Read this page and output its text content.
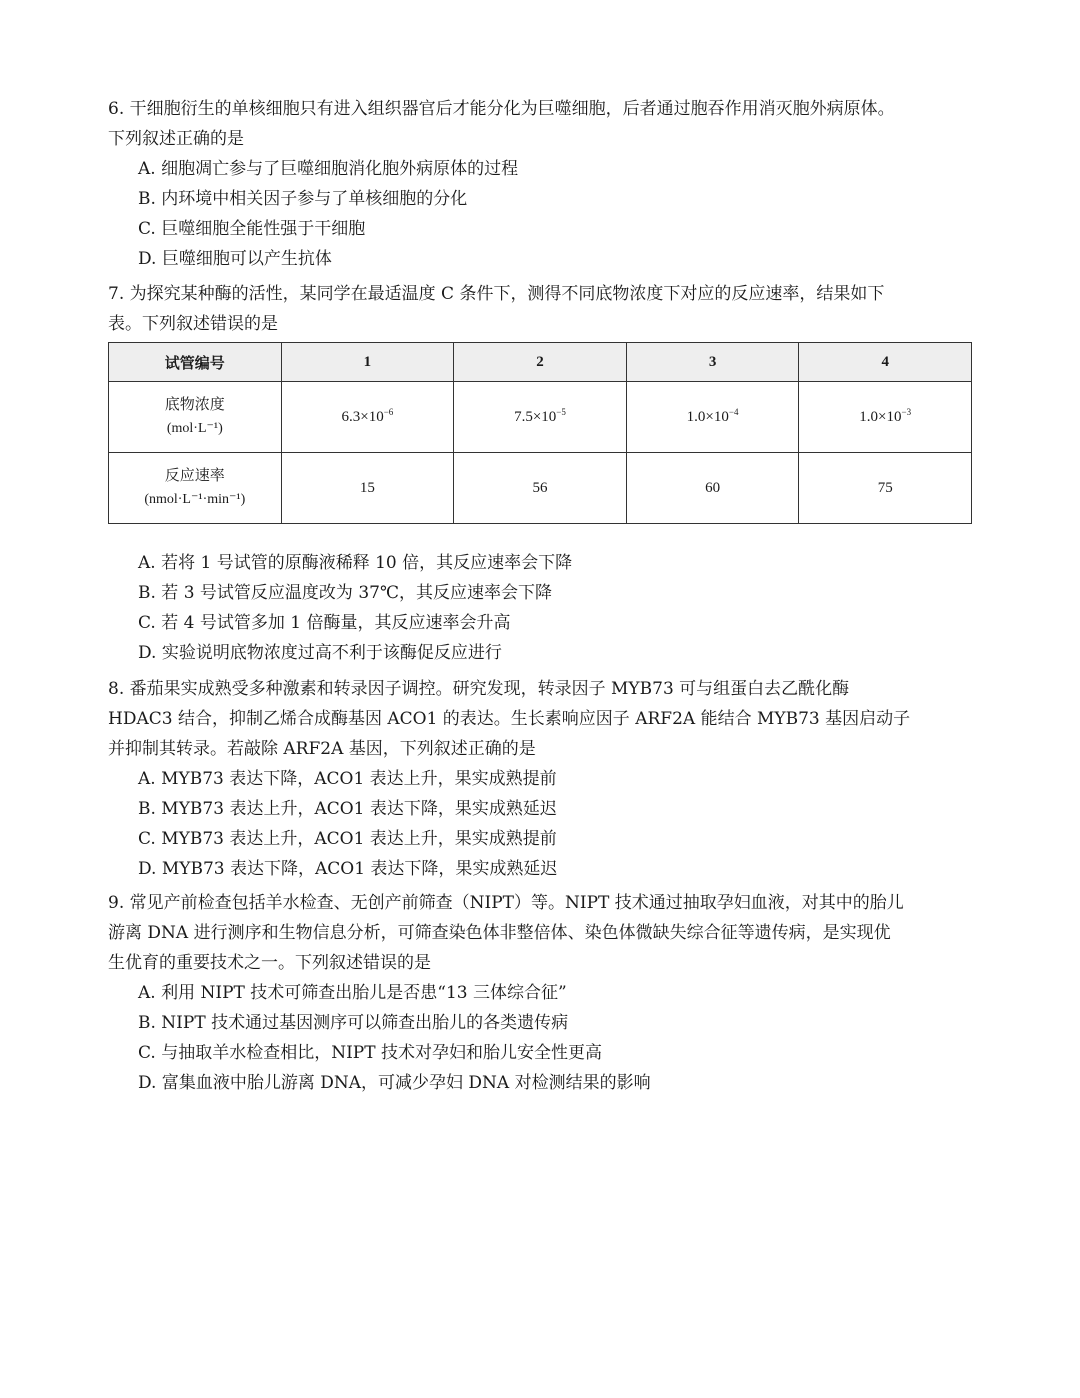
6. 干细胞衍生的单核细胞只有进入组织器官后才能分化为巨噬细胞，后者通过胞吞作用消灭胞外病原体。
下列叙述正确的是
A. 细胞凋亡参与了巨噬细胞消化胞外病原体的过程
B. 内环境中相关因子参与了单核细胞的分化
C. 巨噬细胞全能性强于干细胞
D. 巨噬细胞可以产生抗体
7. 为探究某种酶的活性，某同学在最适温度 C 条件下，测得不同底物浓度下对应的反应速率，结果如下
表。下列叙述错误的是
试管编号	1	2	3	4

底物浓度
(mol·L⁻¹)	$6.3\times 10^{-6}$	$7.5\times 10^{-5}$	$1.0\times 10^{-4}$	$1.0\times 10^{-3}$

反应速率
(nmol·L⁻¹·min⁻¹)	15	56	60	75
A. 若将 1 号试管的原酶液稀释 10 倍，其反应速率会下降
B. 若 3 号试管反应温度改为 37℃，其反应速率会下降
C. 若 4 号试管多加 1 倍酶量，其反应速率会升高
D. 实验说明底物浓度过高不利于该酶促反应进行
8. 番茄果实成熟受多种激素和转录因子调控。研究发现，转录因子 MYB73 可与组蛋白去乙酰化酶
HDAC3 结合，抑制乙烯合成酶基因 ACO1 的表达。生长素响应因子 ARF2A 能结合 MYB73 基因启动子
并抑制其转录。若敲除 ARF2A 基因，下列叙述正确的是
A. MYB73 表达下降，ACO1 表达上升，果实成熟提前
B. MYB73 表达上升，ACO1 表达下降，果实成熟延迟
C. MYB73 表达上升，ACO1 表达上升，果实成熟提前
D. MYB73 表达下降，ACO1 表达下降，果实成熟延迟
9. 常见产前检查包括羊水检查、无创产前筛查（NIPT）等。NIPT 技术通过抽取孕妇血液，对其中的胎儿
游离 DNA 进行测序和生物信息分析，可筛查染色体非整倍体、染色体微缺失综合征等遗传病，是实现优
生优育的重要技术之一。下列叙述错误的是
A. 利用 NIPT 技术可筛查出胎儿是否患“13 三体综合征”
B. NIPT 技术通过基因测序可以筛查出胎儿的各类遗传病
C. 与抽取羊水检查相比，NIPT 技术对孕妇和胎儿安全性更高
D. 富集血液中胎儿游离 DNA，可减少孕妇 DNA 对检测结果的影响
